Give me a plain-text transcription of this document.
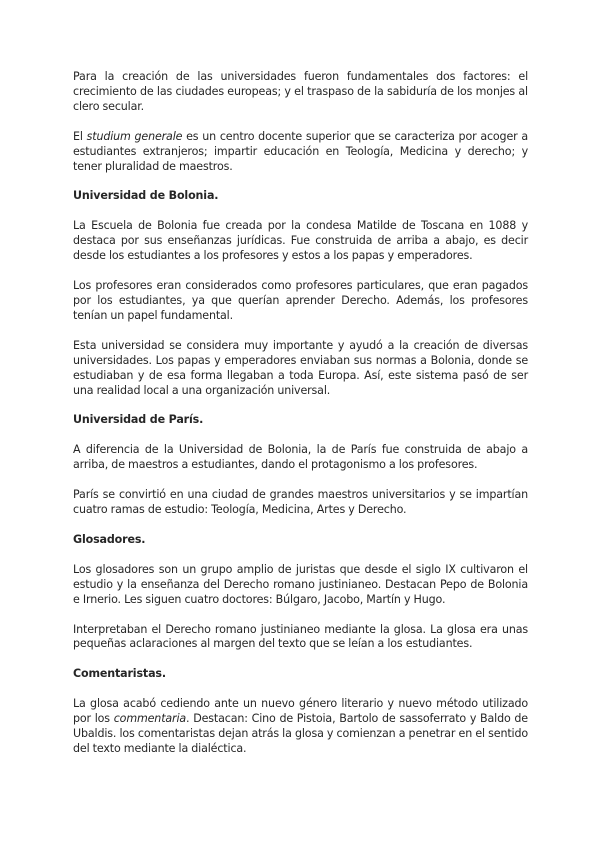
Para la creación de las universidades fueron fundamentales dos factores: el crecimiento de las ciudades europeas; y el traspaso de la sabiduría de los monjes al clero secular.

El studium generale es un centro docente superior que se caracteriza por acoger a estudiantes extranjeros; impartir educación en Teología, Medicina y derecho; y tener pluralidad de maestros.

Universidad de Bolonia.

La Escuela de Bolonia fue creada por la condesa Matilde de Toscana en 1088 y destaca por sus enseñanzas jurídicas. Fue construida de arriba a abajo, es decir desde los estudiantes a los profesores y estos a los papas y emperadores.

Los profesores eran considerados como profesores particulares, que eran pagados por los estudiantes, ya que querían aprender Derecho. Además, los profesores tenían un papel fundamental.

Esta universidad se considera muy importante y ayudó a la creación de diversas universidades. Los papas y emperadores enviaban sus normas a Bolonia, donde se estudiaban y de esa forma llegaban a toda Europa. Así, este sistema pasó de ser una realidad local a una organización universal.

Universidad de París.

A diferencia de la Universidad de Bolonia, la de París fue construida de abajo a arriba, de maestros a estudiantes, dando el protagonismo a los profesores.

París se convirtió en una ciudad de grandes maestros universitarios y se impartían cuatro ramas de estudio: Teología, Medicina, Artes y Derecho.

Glosadores.

Los glosadores son un grupo amplio de juristas que desde el siglo IX cultivaron el estudio y la enseñanza del Derecho romano justinianeo. Destacan Pepo de Bolonia e Irnerio. Les siguen cuatro doctores: Búlgaro, Jacobo, Martín y Hugo.

Interpretaban el Derecho romano justinianeo mediante la glosa. La glosa era unas pequeñas aclaraciones al margen del texto que se leían a los estudiantes.

Comentaristas.

La glosa acabó cediendo ante un nuevo género literario y nuevo método utilizado por los commentaria. Destacan: Cino de Pistoia, Bartolo de sassoferrato y Baldo de Ubaldis. los comentaristas dejan atrás la glosa y comienzan a penetrar en el sentido del texto mediante la dialéctica.
